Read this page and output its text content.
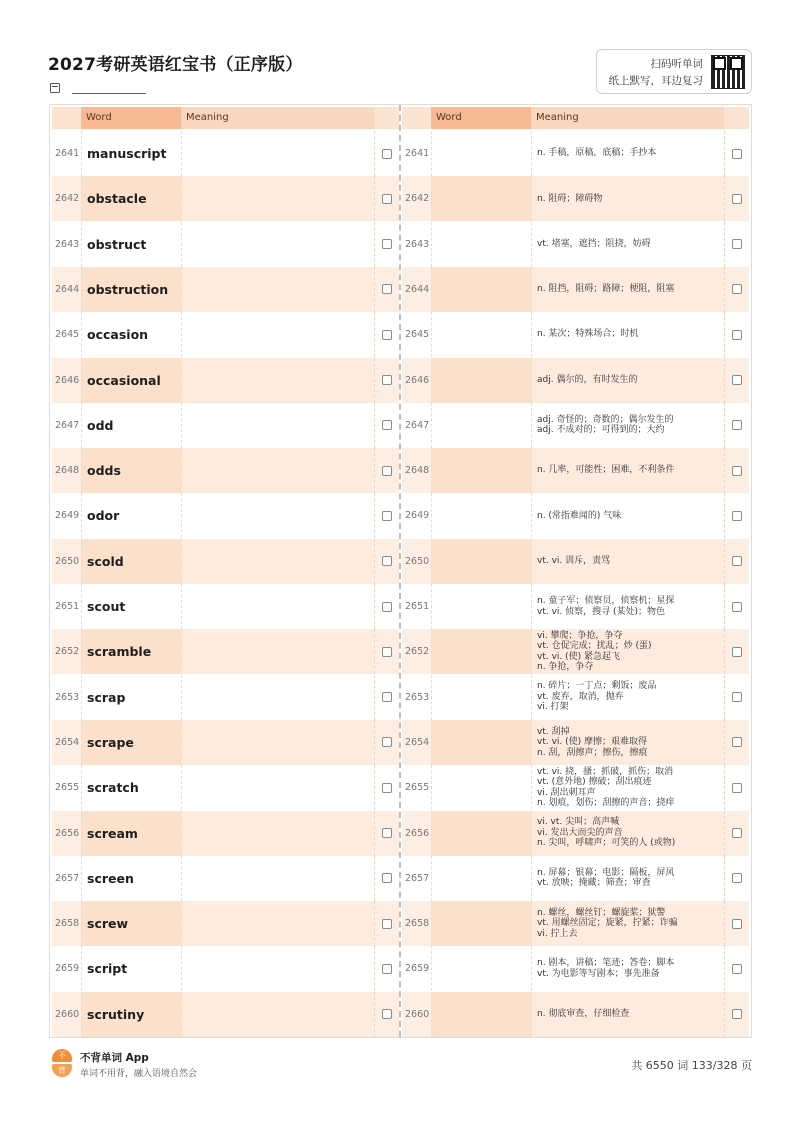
2027考研英语红宝书（正序版）	扫码听单词
纸上默写，耳边复习
Word	Meaning
2641 manuscript
2642 obstacle
2643 obstruct
2644 obstruction
2645 occasion
2646 occasional
2647 odd
2648 odds
2649 odor
2650 scold
2651 scout
2652 scramble
2653 scrap
2654 scrape
2655 scratch
2656 scream
2657 screen
2658 screw
2659 script
2660 scrutiny
Word	Meaning
2641	n. 手稿，原稿，底稿；手抄本
2642	n. 阻碍；障碍物
2643	vt. 堵塞，遮挡；阻挠，妨碍
2644	n. 阻挡，阻碍；路障；梗阻，阻塞
2645	n. 某次；特殊场合；时机
2646	adj. 偶尔的，有时发生的
2647	adj. 奇怪的；奇数的；偶尔发生的
adj. 不成对的；可得到的；大约
2648	n. 几率，可能性；困难，不利条件
2649	n. (常指难闻的) 气味
2650	vt. vi. 训斥，责骂
2651	n. 童子军；侦察员，侦察机；星探
vt. vi. 侦察，搜寻 (某处)；物色
2652
vi. 攀爬；争抢，争夺
vt. 仓促完成；扰乱；炒 (蛋)
vt. vi. (使) 紧急起飞
n. 争抢，争夺
2653
n. 碎片；一丁点；剩饭；废品
vt. 废弃，取消，抛弃
vi. 打架
2654
vt. 刮掉
vt. vi. (使) 摩擦；艰难取得
n. 刮，刮擦声；擦伤，擦痕
2655
vt. vi. 挠，搔；抓破，抓伤；取消
vt. (意外地) 擦破；刮出痕迹
vi. 刮出刺耳声
n. 划痕，划伤；刮擦的声音；挠痒
2656
vi. vt. 尖叫；高声喊
vi. 发出大而尖的声音
n. 尖叫，呼啸声；可笑的人 (或物)
2657	n. 屏幕；银幕；电影；隔板，屏风
vt. 放映；掩藏；筛查；审查
2658
n. 螺丝，螺丝钉；螺旋桨；狱警
vt. 用螺丝固定；旋紧，拧紧；诈骗
vi. 拧上去
2659	n. 剧本，讲稿；笔迹；答卷；脚本
vt. 为电影等写剧本；事先准备
2660	n. 彻底审查，仔细检查
不
背
不背单词 App
单词不用背，融入语境自然会
共 6550 词 133/328 页
